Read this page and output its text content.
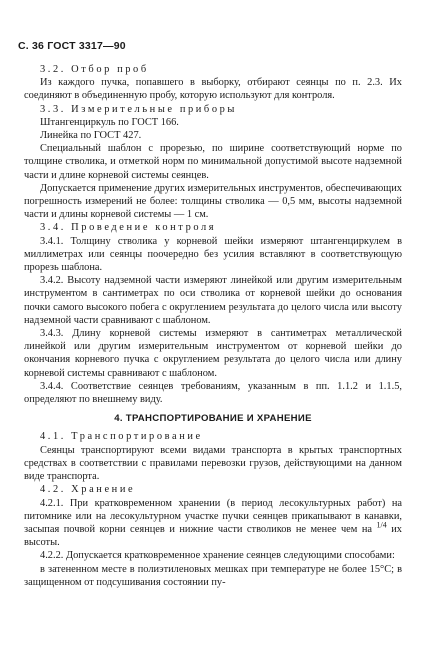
С. 36 ГОСТ 3317—90

3.2. Отбор проб

Из каждого пучка, попавшего в выборку, отбирают сеянцы по п. 2.3. Их соединяют в объединенную пробу, которую используют для контроля.

3.3. Измерительные приборы

Штангенциркуль по ГОСТ 166.

Линейка по ГОСТ 427.

Специальный шаблон с прорезью, по ширине соответствующий норме по толщине стволика, и отметкой норм по минимальной допустимой высоте надземной части и длине корневой системы сеянцев.

Допускается применение других измерительных инструментов, обеспечивающих погрешность измерений не более: толщины стволика — 0,5 мм, высоты надземной части и длины корневой системы — 1 см.

3.4. Проведение контроля

3.4.1. Толщину стволика у корневой шейки измеряют штангенциркулем в миллиметрах или сеянцы поочередно без усилия вставляют в соответствующую прорезь шаблона.

3.4.2. Высоту надземной части измеряют линейкой или другим измерительным инструментом в сантиметрах по оси стволика от корневой шейки до основания почки самого высокого побега с округлением результата до целого числа или высоту надземной части сравнивают с шаблоном.

3.4.3. Длину корневой системы измеряют в сантиметрах металлической линейкой или другим измерительным инструментом от корневой шейки до окончания корневого пучка с округлением результата до целого числа или длину корневой системы сравнивают с шаблоном.

3.4.4. Соответствие сеянцев требованиям, указанным в пп. 1.1.2 и 1.1.5, определяют по внешнему виду.

4. ТРАНСПОРТИРОВАНИЕ И ХРАНЕНИЕ

4.1. Транспортирование

Сеянцы транспортируют всеми видами транспорта в крытых транспортных средствах в соответствии с правилами перевозки грузов, действующими на данном виде транспорта.

4.2. Хранение

4.2.1. При кратковременном хранении (в период лесокультурных работ) на питомнике или на лесокультурном участке пучки сеянцев прикапывают в канавки, засыпая почвой корни сеянцев и нижние части стволиков не менее чем на $^{1/4}$ их высоты.

4.2.2. Допускается кратковременное хранение сеянцев следующими способами:

в затененном месте в полиэтиленовых мешках при температуре не более 15°С; в защищенном от подсушивания состоянии пу-
